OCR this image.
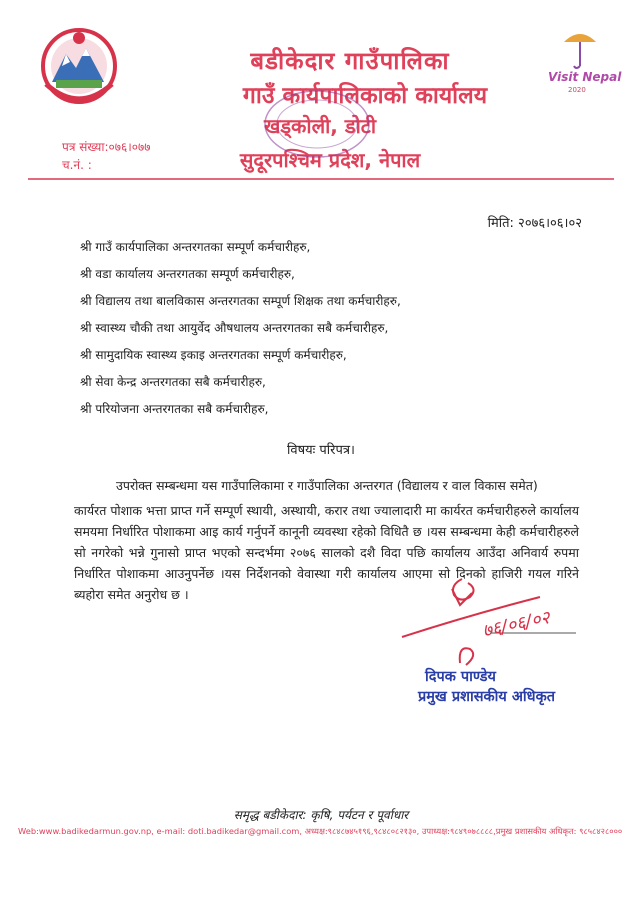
बडीकेदार गाउँपालिका
गाउँ कार्यपालिकाको कार्यालय
खड्कोली, डोटी
सुदूरपश्चिम प्रदेश, नेपाल
Visit Nepal
2020
पत्र संख्या:०७६।०७७
च.नं. :
मिति: २०७६।०६।०२
श्री गाउँ कार्यपालिका अन्तरगतका सम्पूर्ण कर्मचारीहरु,
श्री वडा कार्यालय अन्तरगतका सम्पूर्ण कर्मचारीहरु,
श्री विद्यालय तथा बालविकास अन्तरगतका सम्पूर्ण शिक्षक तथा कर्मचारीहरु,
श्री स्वास्थ्य चौकी तथा आयुर्वेद औषधालय अन्तरगतका सबै कर्मचारीहरु,
श्री सामुदायिक स्वास्थ्य इकाइ अन्तरगतका सम्पूर्ण कर्मचारीहरु,
श्री सेवा केन्द्र अन्तरगतका सबै कर्मचारीहरु,
श्री परियोजना अन्तरगतका सबै कर्मचारीहरु,
विषयः परिपत्र।
उपरोक्त सम्बन्धमा यस गाउँपालिकामा र गाउँपालिका अन्तरगत (विद्यालय र वाल विकास समेत)
कार्यरत पोशाक भत्ता प्राप्त गर्ने सम्पूर्ण स्थायी, अस्थायी, करार तथा ज्यालादारी मा कार्यरत कर्मचारीहरुले कार्यालय समयमा निर्धारित पोशाकमा आइ कार्य गर्नुपर्ने कानूनी व्यवस्था रहेको विधितै छ ।यस सम्बन्धमा केही कर्मचारीहरुले सो नगरेको भन्ने गुनासो प्राप्त भएको सन्दर्भमा २०७६ सालको दशै विदा पछि कार्यालय आउँदा अनिवार्य रुपमा निर्धारित पोशाकमा आउनुपर्नेछ ।यस निर्देशनको वेवास्था गरी कार्यालय आएमा सो दिनको हाजिरी गयल गरिने ब्यहोरा समेत अनुरोध छ ।
७६/०६/०२
दिपक पाण्डेय
प्रमुख प्रशासकीय अधिकृत
समृद्ध बडीकेदार: कृषि, पर्यटन र पूर्वाधार
Web:www.badikedarmun.gov.np, e-mail: doti.badikedar@gmail.com, अध्यक्ष:९८४८७४५१९६,९८४८०८२१३०, उपाध्यक्ष:९८४९०७८८८८,प्रमुख प्रशासकीय अधिकृत: ९८५८४२८०००
